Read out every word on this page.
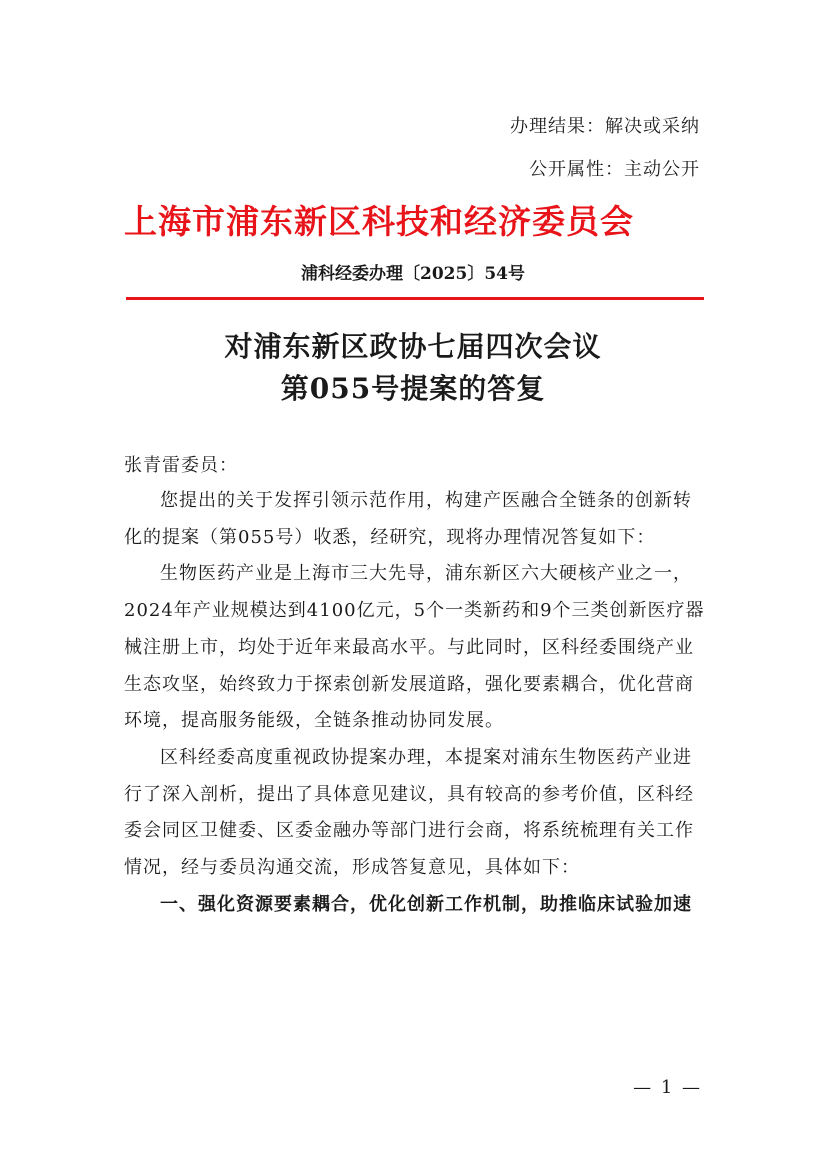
办理结果：解决或采纳
公开属性：主动公开
上海市浦东新区科技和经济委员会
浦科经委办理〔2025〕54号
对浦东新区政协七届四次会议
第055号提案的答复
张青雷委员：

您提出的关于发挥引领示范作用，构建产医融合全链条的创新转化的提案（第055号）收悉，经研究，现将办理情况答复如下：

生物医药产业是上海市三大先导，浦东新区六大硬核产业之一，2024年产业规模达到4100亿元，5个一类新药和9个三类创新医疗器械注册上市，均处于近年来最高水平。与此同时，区科经委围绕产业生态攻坚，始终致力于探索创新发展道路，强化要素耦合，优化营商环境，提高服务能级，全链条推动协同发展。

区科经委高度重视政协提案办理，本提案对浦东生物医药产业进行了深入剖析，提出了具体意见建议，具有较高的参考价值，区科经委会同区卫健委、区委金融办等部门进行会商，将系统梳理有关工作情况，经与委员沟通交流，形成答复意见，具体如下：

一、强化资源要素耦合，优化创新工作机制，助推临床试验加速

— 1 —
